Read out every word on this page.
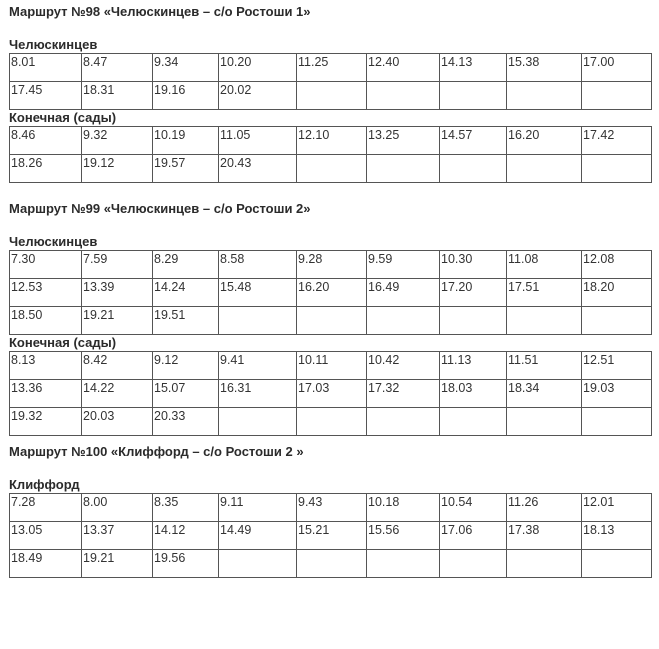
Маршрут №98 «Челюскинцев – с/о Ростоши 1»
Челюскинцев
8.01	8.47	9.34	10.20	11.25	12.40	14.13	15.38	17.00
17.45	18.31	19.16	20.02					
Конечная (сады)
8.46	9.32	10.19	11.05	12.10	13.25	14.57	16.20	17.42
18.26	19.12	19.57	20.43					
Маршрут №99 «Челюскинцев – с/о Ростоши 2»
Челюскинцев
7.30	7.59	8.29	8.58	9.28	9.59	10.30	11.08	12.08
12.53	13.39	14.24	15.48	16.20	16.49	17.20	17.51	18.20
18.50	19.21	19.51						
Конечная (сады)
8.13	8.42	9.12	9.41	10.11	10.42	11.13	11.51	12.51
13.36	14.22	15.07	16.31	17.03	17.32	18.03	18.34	19.03
19.32	20.03	20.33						
Маршрут №100 «Клиффорд – с/о Ростоши 2 »
Клиффорд
7.28	8.00	8.35	9.11	9.43	10.18	10.54	11.26	12.01
13.05	13.37	14.12	14.49	15.21	15.56	17.06	17.38	18.13
18.49	19.21	19.56						
